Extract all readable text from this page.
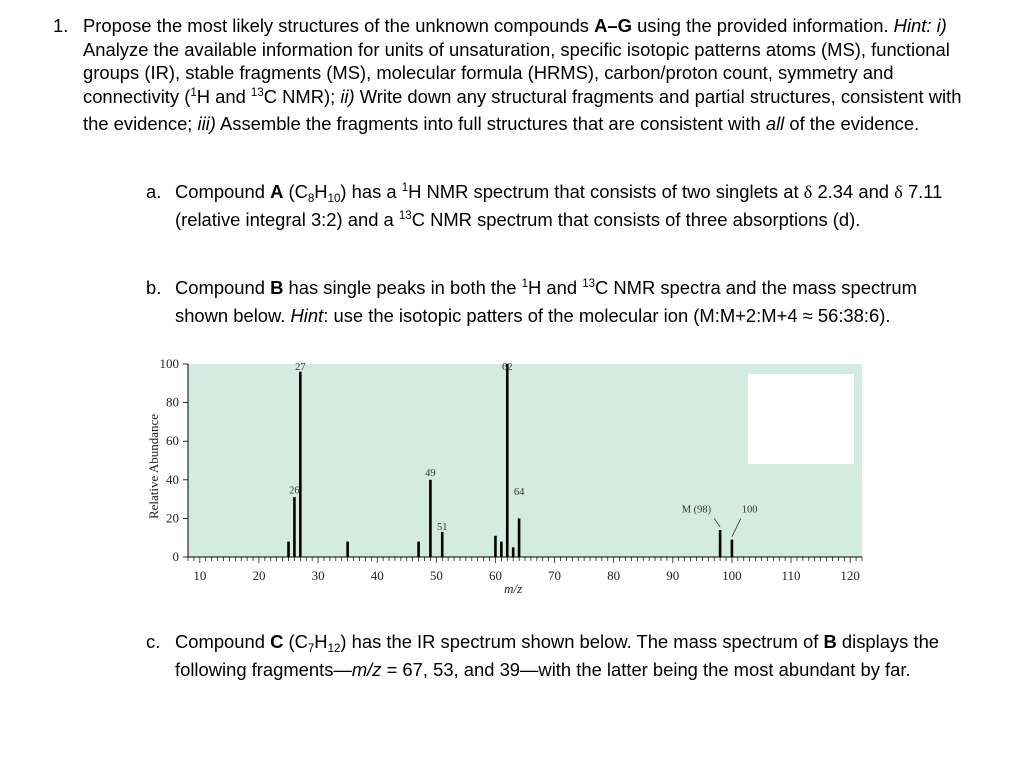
1. Propose the most likely structures of the unknown compounds A–G using the provided information. Hint: i) Analyze the available information for units of unsaturation, specific isotopic patterns atoms (MS), functional groups (IR), stable fragments (MS), molecular formula (HRMS), carbon/proton count, symmetry and connectivity ($^1$H and $^{13}$C NMR); ii) Write down any structural fragments and partial structures, consistent with the evidence; iii) Assemble the fragments into full structures that are consistent with all of the evidence.
a. Compound A $(C_8H_{10})$ has a $^1$H NMR spectrum that consists of two singlets at δ 2.34 and δ 7.11 (relative integral 3:2) and a $^{13}$C NMR spectrum that consists of three absorptions (d).
b. Compound B has single peaks in both the $^1$H and $^{13}$C NMR spectra and the mass spectrum shown below. Hint: use the isotopic patters of the molecular ion (M:M+2:M+4 ≈ 56:38:6).
10	20	30	40	50	60	70	80	90	100	110	120
0
20
40
60
80
100
m/z
Relative Abundance
27	62
26
49
64
51
M (98)	100
c. Compound C $(C_7H_{12})$ has the IR spectrum shown below. The mass spectrum of B displays the following fragments—m/z = 67, 53, and 39—with the latter being the most abundant by far.
